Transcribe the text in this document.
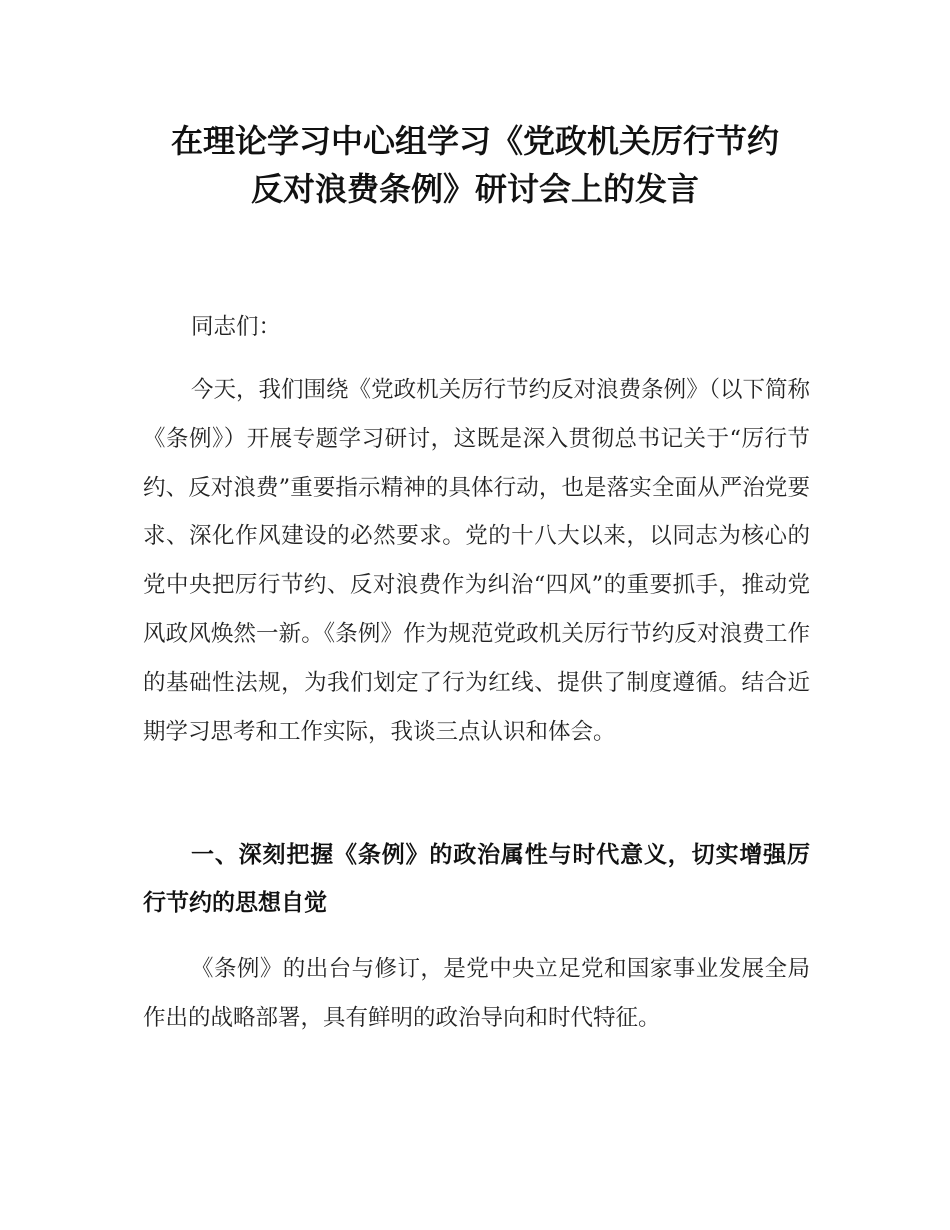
在理论学习中心组学习《党政机关厉行节约
反对浪费条例》研讨会上的发言

同志们：

今天，我们围绕《党政机关厉行节约反对浪费条例》（以下简称《条例》）开展专题学习研讨，这既是深入贯彻总书记关于“厉行节约、反对浪费”重要指示精神的具体行动，也是落实全面从严治党要求、深化作风建设的必然要求。党的十八大以来，以同志为核心的党中央把厉行节约、反对浪费作为纠治“四风”的重要抓手，推动党风政风焕然一新。《条例》作为规范党政机关厉行节约反对浪费工作的基础性法规，为我们划定了行为红线、提供了制度遵循。结合近期学习思考和工作实际，我谈三点认识和体会。

一、深刻把握《条例》的政治属性与时代意义，切实增强厉行节约的思想自觉

《条例》的出台与修订，是党中央立足党和国家事业发展全局作出的战略部署，具有鲜明的政治导向和时代特征。
